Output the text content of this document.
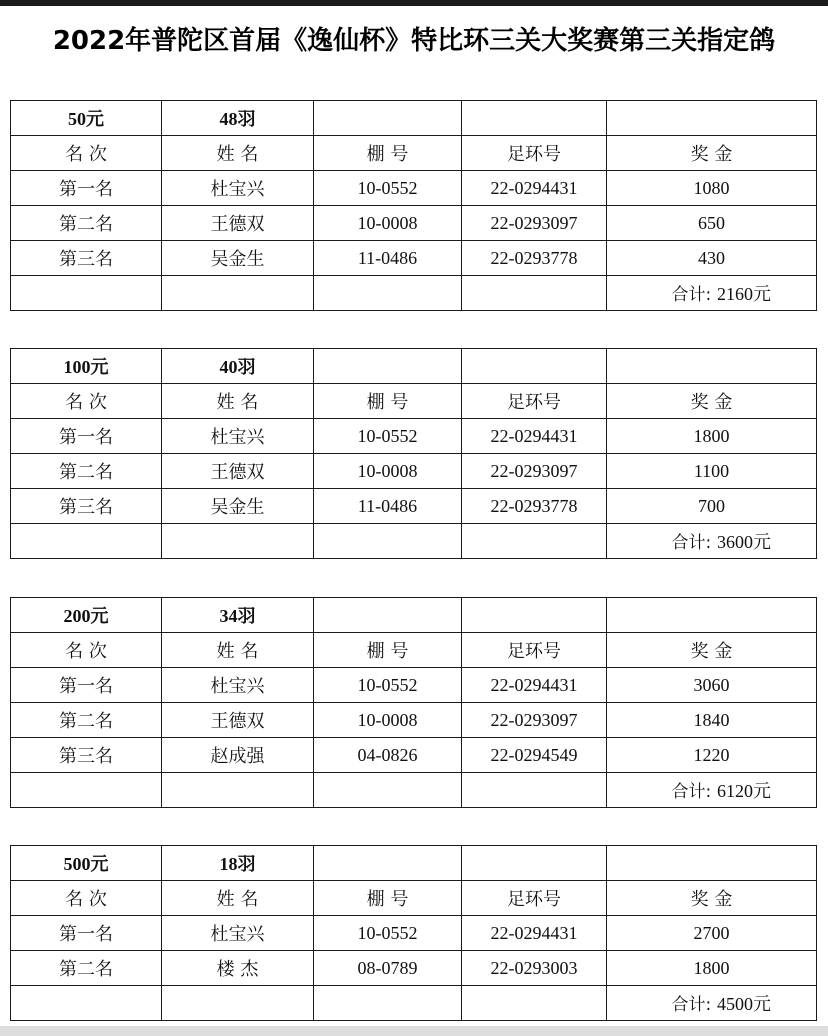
2022年普陀区首届《逸仙杯》特比环三关大奖赛第三关指定鸽
50元	48羽			
名 次	姓 名	棚 号	足环号	奖 金
第一名	杜宝兴	10-0552	22-0294431	1080
第二名	王德双	10-0008	22-0293097	650
第三名	吴金生	11-0486	22-0293778	430
				合计: 2160元
100元	40羽			
名 次	姓 名	棚 号	足环号	奖 金
第一名	杜宝兴	10-0552	22-0294431	1800
第二名	王德双	10-0008	22-0293097	1100
第三名	吴金生	11-0486	22-0293778	700
				合计: 3600元
200元	34羽			
名 次	姓 名	棚 号	足环号	奖 金
第一名	杜宝兴	10-0552	22-0294431	3060
第二名	王德双	10-0008	22-0293097	1840
第三名	赵成强	04-0826	22-0294549	1220
				合计: 6120元
500元	18羽			
名 次	姓 名	棚 号	足环号	奖 金
第一名	杜宝兴	10-0552	22-0294431	2700
第二名	楼 杰	08-0789	22-0293003	1800
				合计: 4500元
